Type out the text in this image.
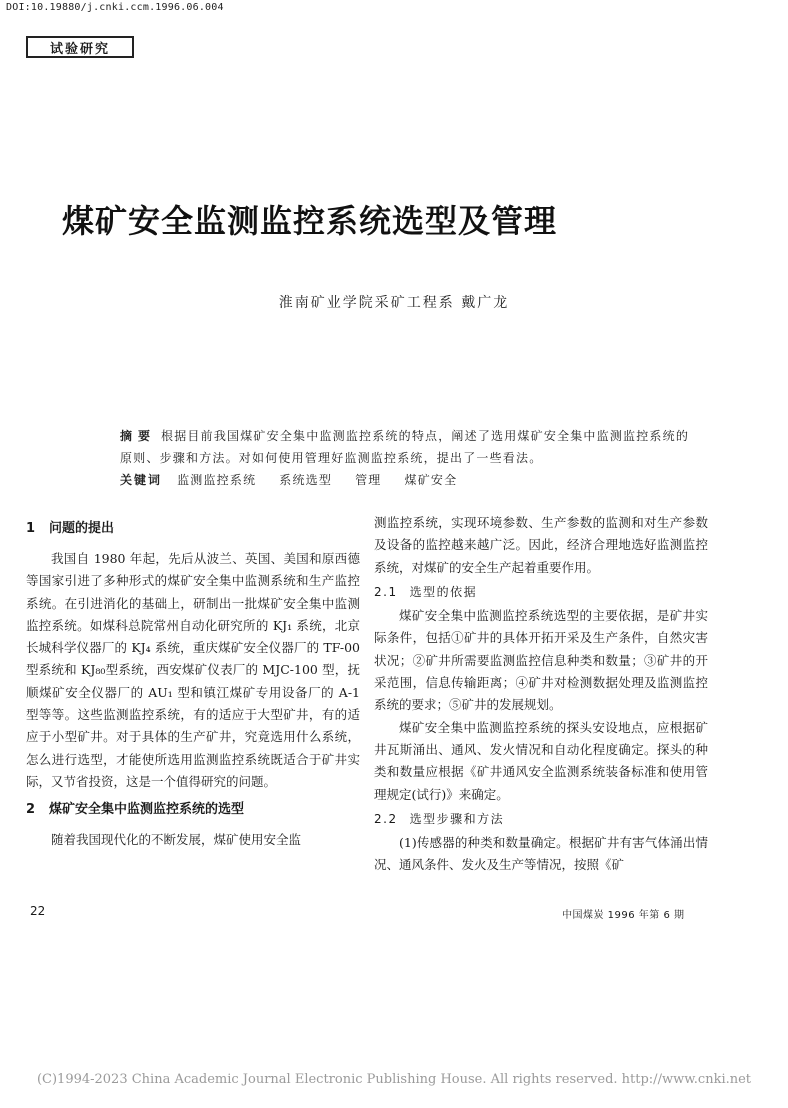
DOI:10.19880/j.cnki.ccm.1996.06.004
试验研究
煤矿安全监测监控系统选型及管理
淮南矿业学院采矿工程系 戴广龙
摘要 根据目前我国煤矿安全集中监测监控系统的特点，阐述了选用煤矿安全集中监测监控系统的原则、步骤和方法。对如何使用管理好监测监控系统，提出了一些看法。
关键词 监测监控系统 系统选型 管理 煤矿安全

1 问题的提出

我国自 1980 年起，先后从波兰、英国、美国和原西德等国家引进了多种形式的煤矿安全集中监测系统和生产监控系统。在引进消化的基础上，研制出一批煤矿安全集中监测监控系统。如煤科总院常州自动化研究所的 KJ₁ 系统，北京长城科学仪器厂的 KJ₄ 系统，重庆煤矿安全仪器厂的 TF-00 型系统和 KJ₈₀型系统，西安煤矿仪表厂的 MJC-100 型，抚顺煤矿安全仪器厂的 AU₁ 型和镇江煤矿专用设备厂的 A-1 型等等。这些监测监控系统，有的适应于大型矿井，有的适应于小型矿井。对于具体的生产矿井，究竟选用什么系统，怎么进行选型，才能使所选用监测监控系统既适合于矿井实际，又节省投资，这是一个值得研究的问题。

2 煤矿安全集中监测监控系统的选型

随着我国现代化的不断发展，煤矿使用安全监

测监控系统，实现环境参数、生产参数的监测和对生产参数及设备的监控越来越广泛。因此，经济合理地选好监测监控系统，对煤矿的安全生产起着重要作用。

2.1 选型的依据

煤矿安全集中监测监控系统选型的主要依据，是矿井实际条件，包括①矿井的具体开拓开采及生产条件，自然灾害状况；②矿井所需要监测监控信息种类和数量；③矿井的开采范围，信息传输距离；④矿井对检测数据处理及监测监控系统的要求；⑤矿井的发展规划。

煤矿安全集中监测监控系统的探头安设地点，应根据矿井瓦斯涌出、通风、发火情况和自动化程度确定。探头的种类和数量应根据《矿井通风安全监测系统装备标准和使用管理规定(试行)》来确定。

2.2 选型步骤和方法

(1)传感器的种类和数量确定。根据矿井有害气体涌出情况、通风条件、发火及生产等情况，按照《矿

22	中国煤炭 1996 年第 6 期
(C)1994-2023 China Academic Journal Electronic Publishing House. All rights reserved. http://www.cnki.net
